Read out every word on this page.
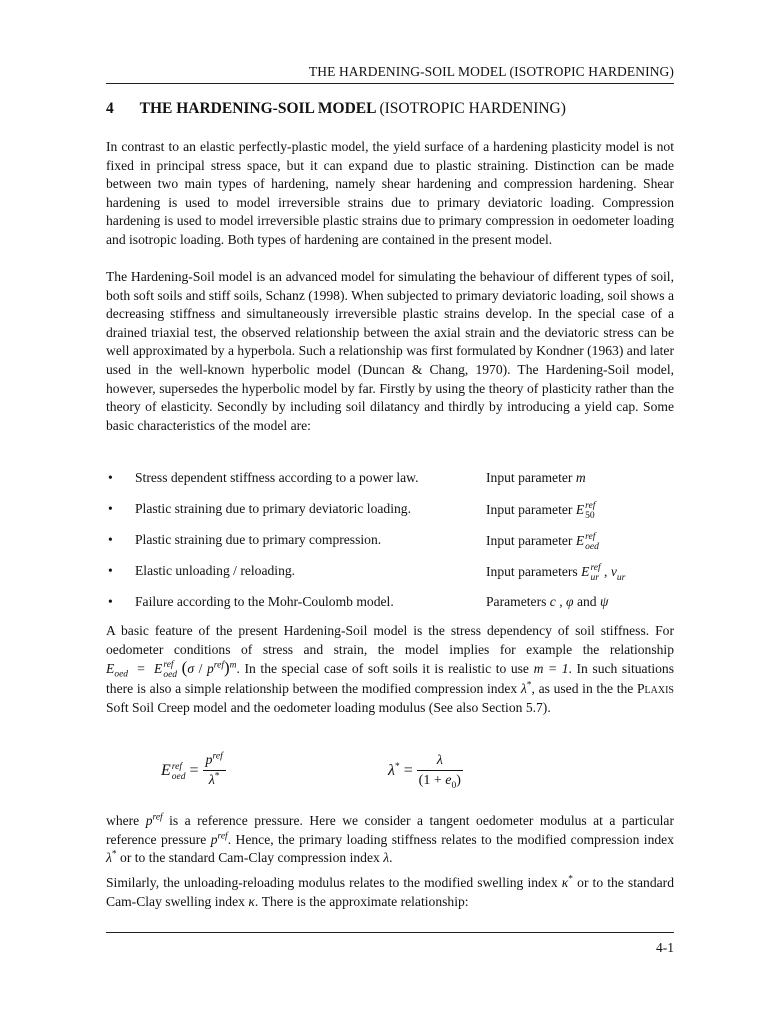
THE HARDENING-SOIL MODEL (ISOTROPIC HARDENING)
4 THE HARDENING-SOIL MODEL (ISOTROPIC HARDENING)
In contrast to an elastic perfectly-plastic model, the yield surface of a hardening plasticity model is not fixed in principal stress space, but it can expand due to plastic straining. Distinction can be made between two main types of hardening, namely shear hardening and compression hardening. Shear hardening is used to model irreversible strains due to primary deviatoric loading. Compression hardening is used to model irreversible plastic strains due to primary compression in oedometer loading and isotropic loading. Both types of hardening are contained in the present model.
The Hardening-Soil model is an advanced model for simulating the behaviour of different types of soil, both soft soils and stiff soils, Schanz (1998). When subjected to primary deviatoric loading, soil shows a decreasing stiffness and simultaneously irreversible plastic strains develop. In the special case of a drained triaxial test, the observed relationship between the axial strain and the deviatoric stress can be well approximated by a hyperbola. Such a relationship was first formulated by Kondner (1963) and later used in the well-known hyperbolic model (Duncan & Chang, 1970). The Hardening-Soil model, however, supersedes the hyperbolic model by far. Firstly by using the theory of plasticity rather than the theory of elasticity. Secondly by including soil dilatancy and thirdly by introducing a yield cap. Some basic characteristics of the model are:
• Stress dependent stiffness according to a power law.	Input parameter m
• Plastic straining due to primary deviatoric loading.	Input parameter E ref
50
• Plastic straining due to primary compression.	Input parameter E ref
oed
• Elastic unloading / reloading.	Input parameters E ref
ur , $\nu_{ur}$
• Failure according to the Mohr-Coulomb model.	Parameters c , φ and ψ
A basic feature of the present Hardening-Soil model is the stress dependency of soil stiffness. For oedometer conditions of stress and strain, the model implies for example the relationship $E_{oed} = E$ ref
oed $(\sigma / p^{ref})^m$. In the special case of soft soils it is realistic to use m = 1. In such situations there is also a simple relationship between the modified compression index λ*, as used in the the Plaxis Soft Soil Creep model and the oedometer loading modulus (See also Section 5.7).
E ref
oed = $\frac{p^{ref}}{\lambda^*}$	$\lambda^* = \frac{\lambda}{(1 + e_0)}$
where $p^{ref}$ is a reference pressure. Here we consider a tangent oedometer modulus at a particular reference pressure $p^{ref}$. Hence, the primary loading stiffness relates to the modified compression index λ* or to the standard Cam-Clay compression index λ.
Similarly, the unloading-reloading modulus relates to the modified swelling index κ* or to the standard Cam-Clay swelling index κ. There is the approximate relationship:
4-1
